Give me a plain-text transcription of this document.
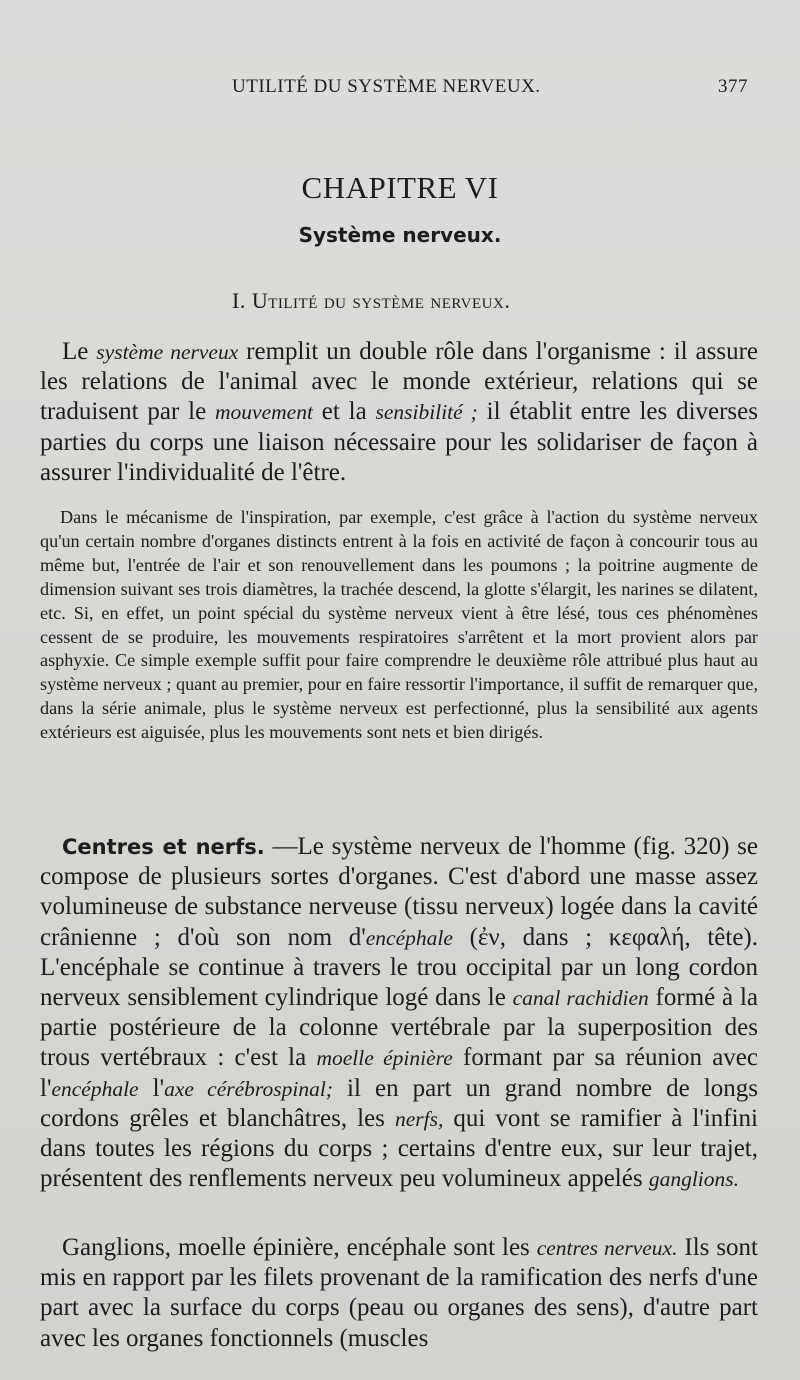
UTILITÉ DU SYSTÈME NERVEUX.	377
CHAPITRE VI
Système nerveux.
I. Utilité du système nerveux.

Le système nerveux remplit un double rôle dans l'organisme : il assure les relations de l'animal avec le monde extérieur, relations qui se traduisent par le mouvement et la sensibilité ; il établit entre les diverses parties du corps une liaison nécessaire pour les solidariser de façon à assurer l'individualité de l'être.

Dans le mécanisme de l'inspiration, par exemple, c'est grâce à l'action du système nerveux qu'un certain nombre d'organes distincts entrent à la fois en activité de façon à concourir tous au même but, l'entrée de l'air et son renouvellement dans les poumons ; la poitrine augmente de dimension suivant ses trois diamètres, la trachée descend, la glotte s'élargit, les narines se dilatent, etc. Si, en effet, un point spécial du système nerveux vient à être lésé, tous ces phénomènes cessent de se produire, les mouvements respiratoires s'arrêtent et la mort provient alors par asphyxie. Ce simple exemple suffit pour faire comprendre le deuxième rôle attribué plus haut au système nerveux ; quant au premier, pour en faire ressortir l'importance, il suffit de remarquer que, dans la série animale, plus le système nerveux est perfectionné, plus la sensibilité aux agents extérieurs est aiguisée, plus les mouvements sont nets et bien dirigés.

Centres et nerfs. —Le système nerveux de l'homme (fig. 320) se compose de plusieurs sortes d'organes. C'est d'abord une masse assez volumineuse de substance nerveuse (tissu nerveux) logée dans la cavité crânienne ; d'où son nom d'encéphale (ἐν, dans ; κεφαλή, tête). L'encéphale se continue à travers le trou occipital par un long cordon nerveux sensiblement cylindrique logé dans le canal rachidien formé à la partie postérieure de la colonne vertébrale par la superposition des trous vertébraux : c'est la moelle épinière formant par sa réunion avec l'encéphale l'axe cérébrospinal; il en part un grand nombre de longs cordons grêles et blanchâtres, les nerfs, qui vont se ramifier à l'infini dans toutes les régions du corps ; certains d'entre eux, sur leur trajet, présentent des renflements nerveux peu volumineux appelés ganglions.

Ganglions, moelle épinière, encéphale sont les centres nerveux. Ils sont mis en rapport par les filets provenant de la ramification des nerfs d'une part avec la surface du corps (peau ou organes des sens), d'autre part avec les organes fonctionnels (muscles
